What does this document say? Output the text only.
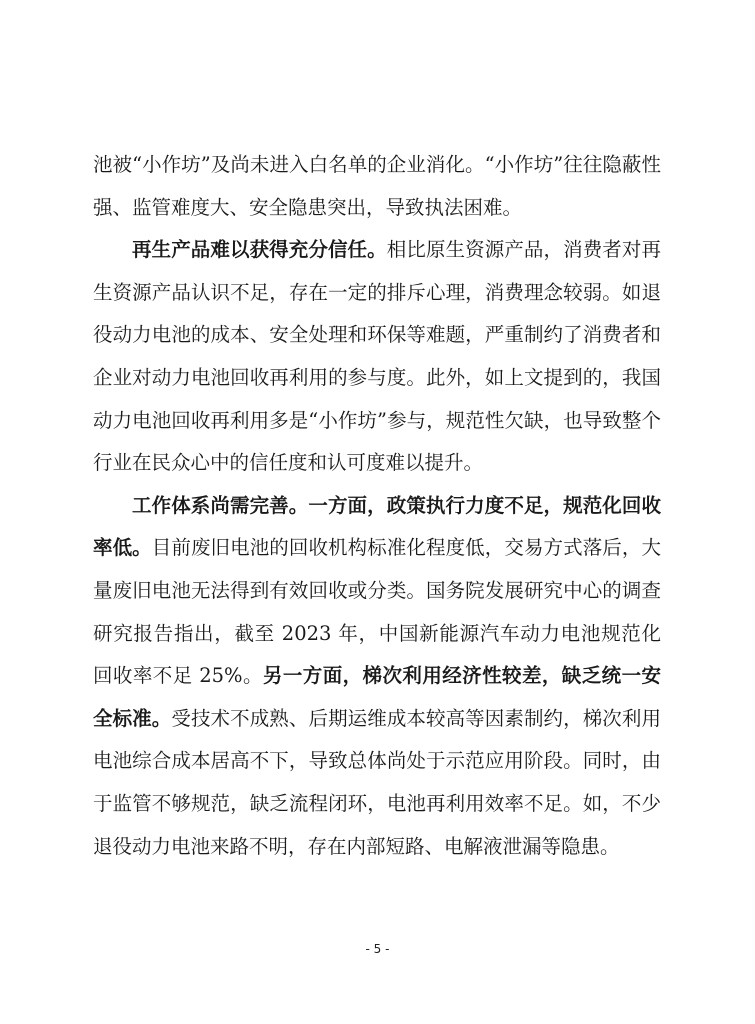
池被“小作坊”及尚未进入白名单的企业消化。“小作坊”往往隐蔽性强、监管难度大、安全隐患突出，导致执法困难。

再生产品难以获得充分信任。相比原生资源产品，消费者对再生资源产品认识不足，存在一定的排斥心理，消费理念较弱。如退役动力电池的成本、安全处理和环保等难题，严重制约了消费者和企业对动力电池回收再利用的参与度。此外，如上文提到的，我国动力电池回收再利用多是“小作坊”参与，规范性欠缺，也导致整个行业在民众心中的信任度和认可度难以提升。

工作体系尚需完善。一方面，政策执行力度不足，规范化回收率低。目前废旧电池的回收机构标准化程度低，交易方式落后，大量废旧电池无法得到有效回收或分类。国务院发展研究中心的调查研究报告指出，截至 2023 年，中国新能源汽车动力电池规范化回收率不足 25%。另一方面，梯次利用经济性较差，缺乏统一安全标准。受技术不成熟、后期运维成本较高等因素制约，梯次利用电池综合成本居高不下，导致总体尚处于示范应用阶段。同时，由于监管不够规范，缺乏流程闭环，电池再利用效率不足。如，不少退役动力电池来路不明，存在内部短路、电解液泄漏等隐患。

- 5 -
